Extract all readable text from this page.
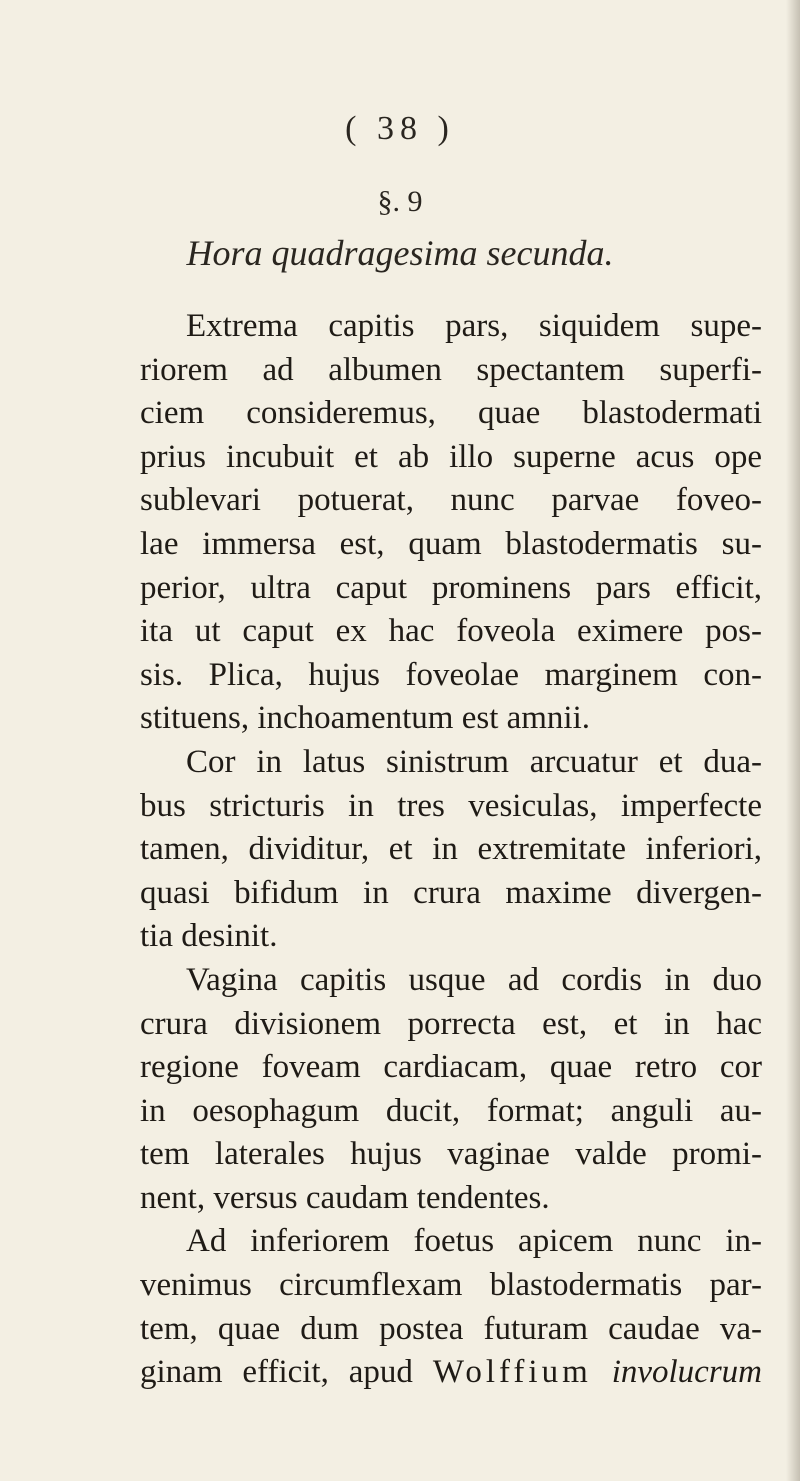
( 38 )
§. 9
Hora quadragesima secunda.
Extrema capitis pars, siquidem supe-
riorem ad albumen spectantem superfi-
ciem consideremus, quae blastodermati
prius incubuit et ab illo superne acus ope
sublevari potuerat, nunc parvae foveo-
lae immersa est, quam blastodermatis su-
perior, ultra caput prominens pars efficit,
ita ut caput ex hac foveola eximere pos-
sis. Plica, hujus foveolae marginem con-
stituens, inchoamentum est amnii.
Cor in latus sinistrum arcuatur et dua-
bus stricturis in tres vesiculas, imperfecte
tamen, dividitur, et in extremitate inferiori,
quasi bifidum in crura maxime divergen-
tia desinit.
Vagina capitis usque ad cordis in duo
crura divisionem porrecta est, et in hac
regione foveam cardiacam, quae retro cor
in oesophagum ducit, format; anguli au-
tem laterales hujus vaginae valde promi-
nent, versus caudam tendentes.
Ad inferiorem foetus apicem nunc in-
venimus circumflexam blastodermatis par-
tem, quae dum postea futuram caudae va-
ginam efficit, apud Wolffium involucrum
